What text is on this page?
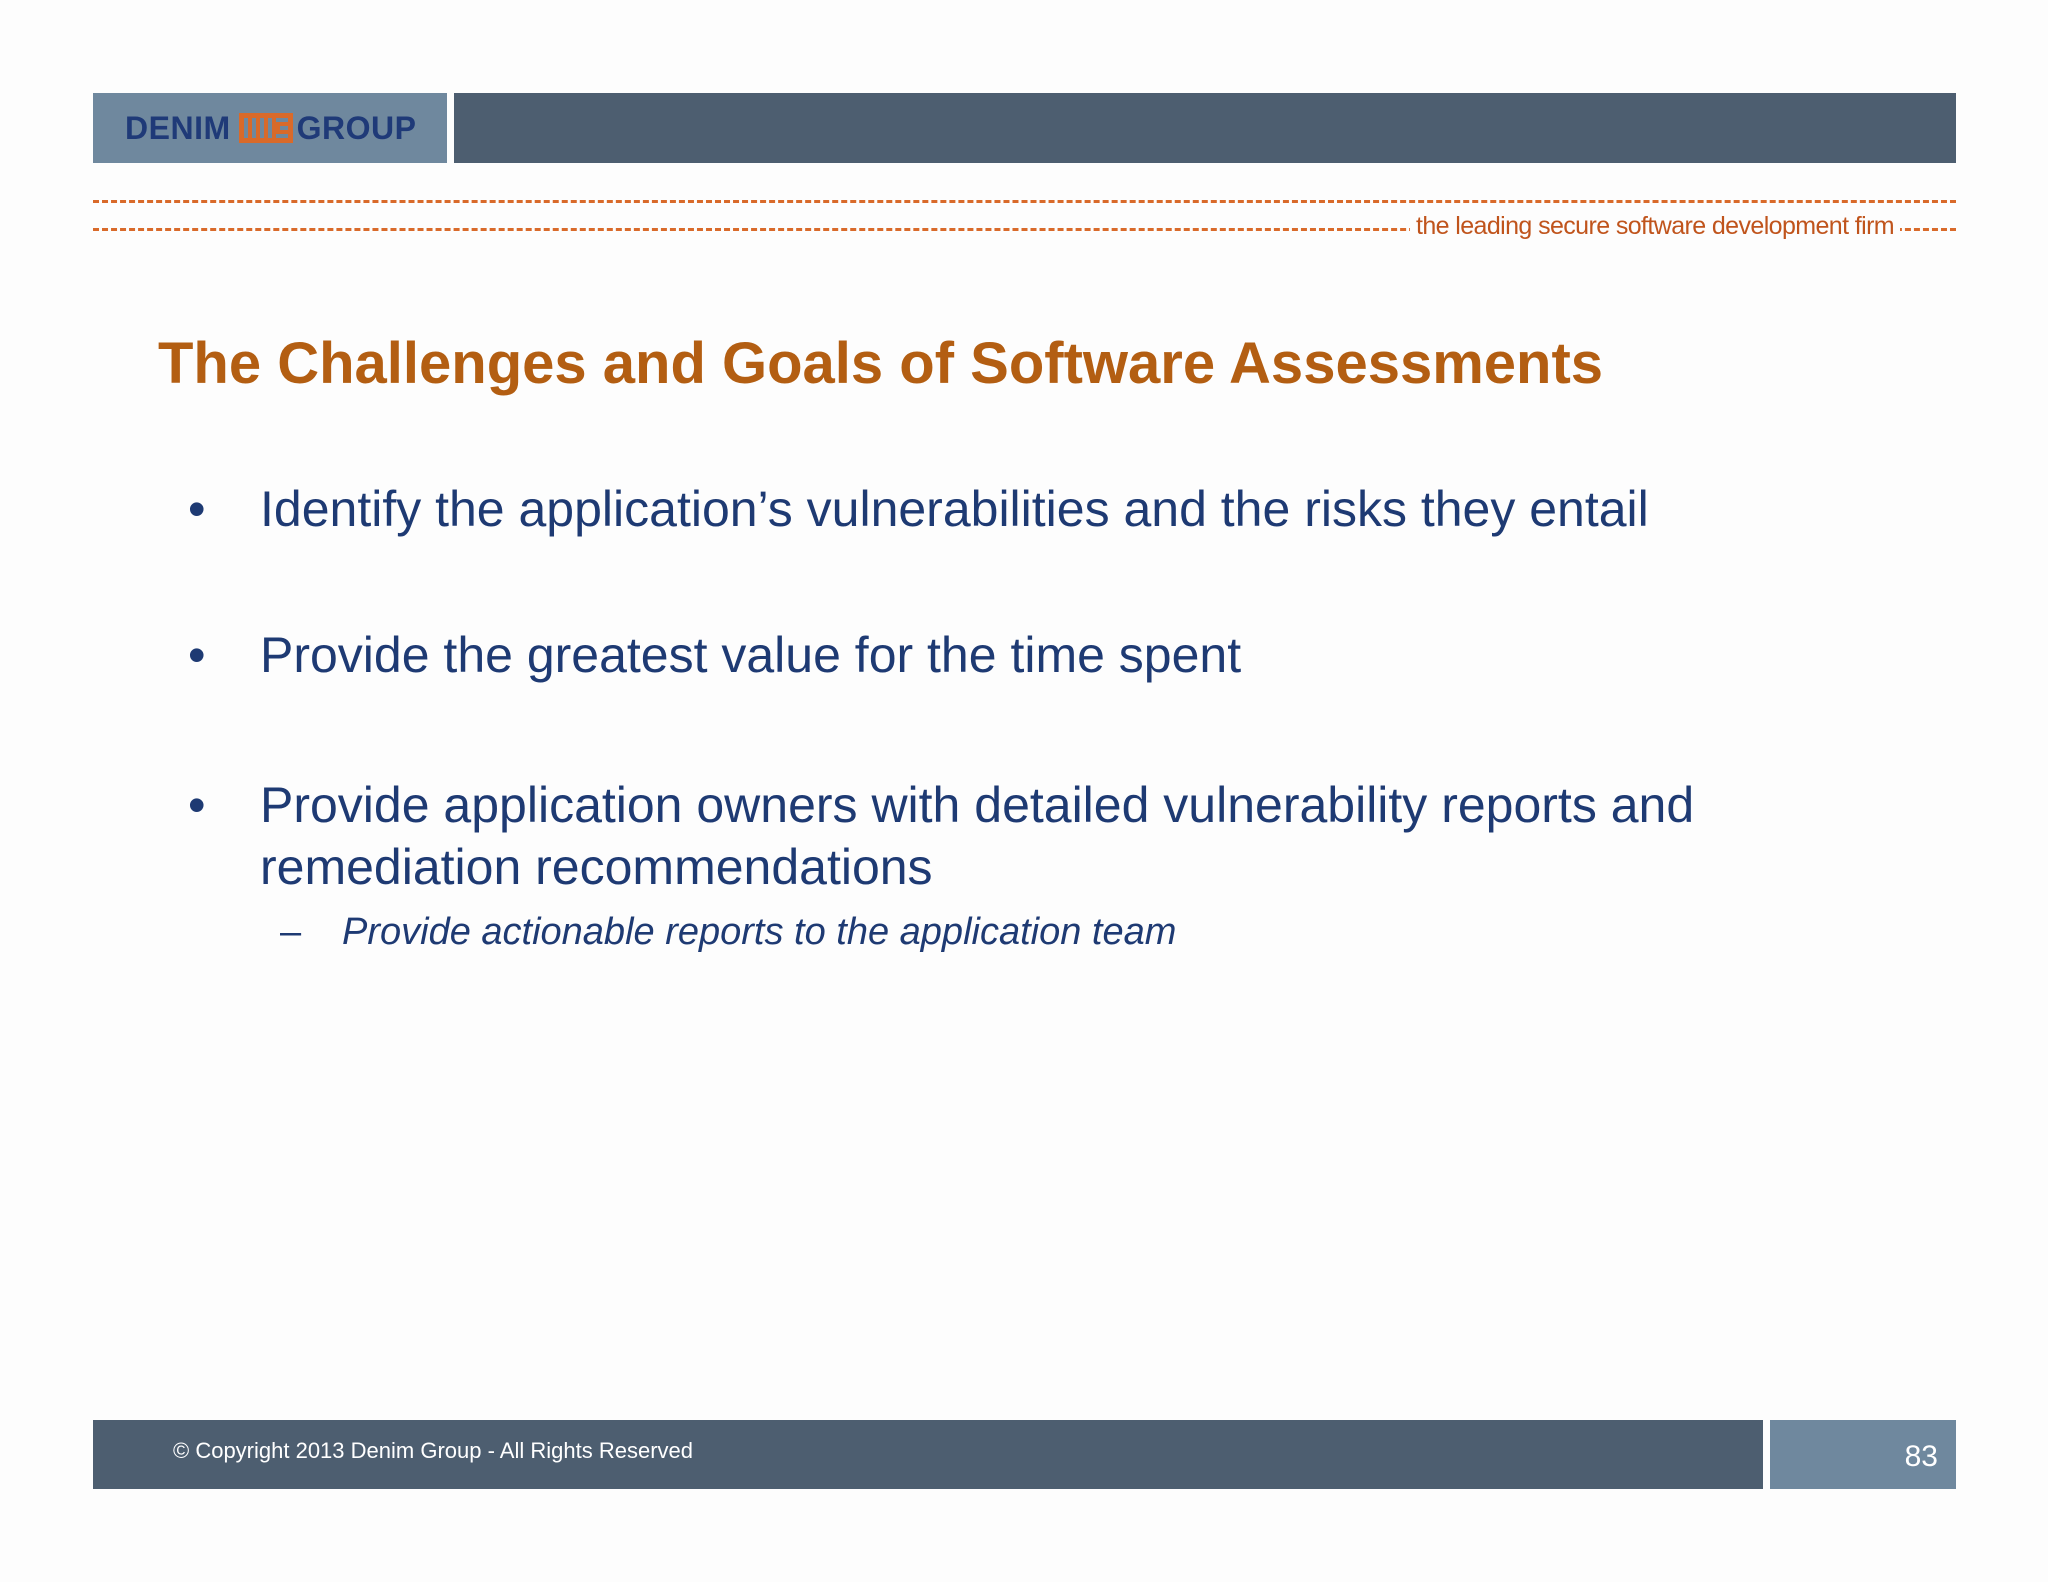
DENIM GROUP
the leading secure software development firm
The Challenges and Goals of Software Assessments
• Identify the application’s vulnerabilities and the risks they entail
• Provide the greatest value for the time spent
• Provide application owners with detailed vulnerability reports and remediation recommendations
– Provide actionable reports to the application team
© Copyright 2013 Denim Group - All Rights Reserved	83
